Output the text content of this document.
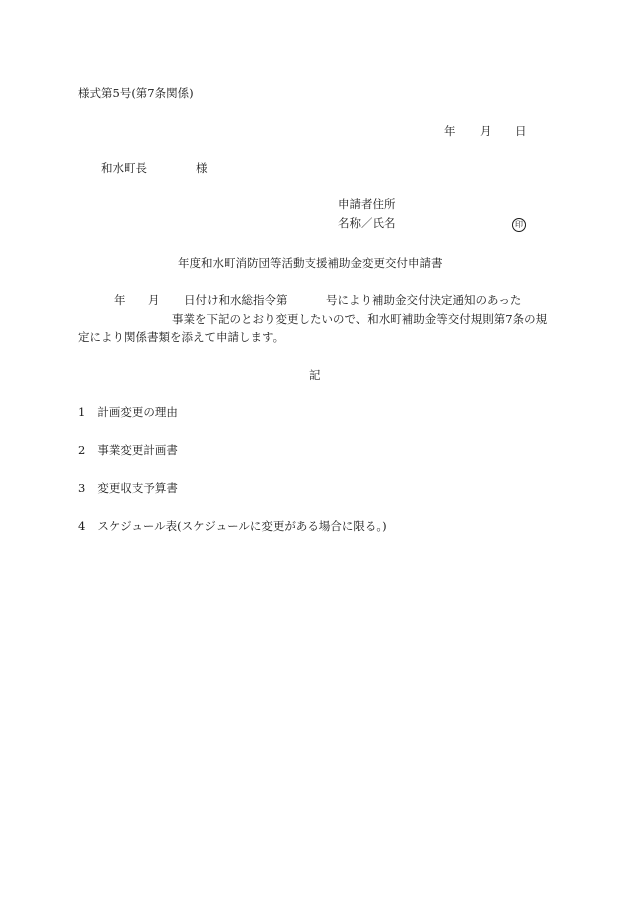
様式第5号(第7条関係)
年 月 日
和水町長	様
申請者住所
名称／氏名	印
年度和水町消防団等活動支援補助金変更交付申請書
年 月 日付け和水総指令第	号により補助金交付決定通知のあった
事業を下記のとおり変更したいので、和水町補助金等交付規則第7条の規
定により関係書類を添えて申請します。
記
1 計画変更の理由
2 事業変更計画書
3 変更収支予算書
4 スケジュール表(スケジュールに変更がある場合に限る。)
